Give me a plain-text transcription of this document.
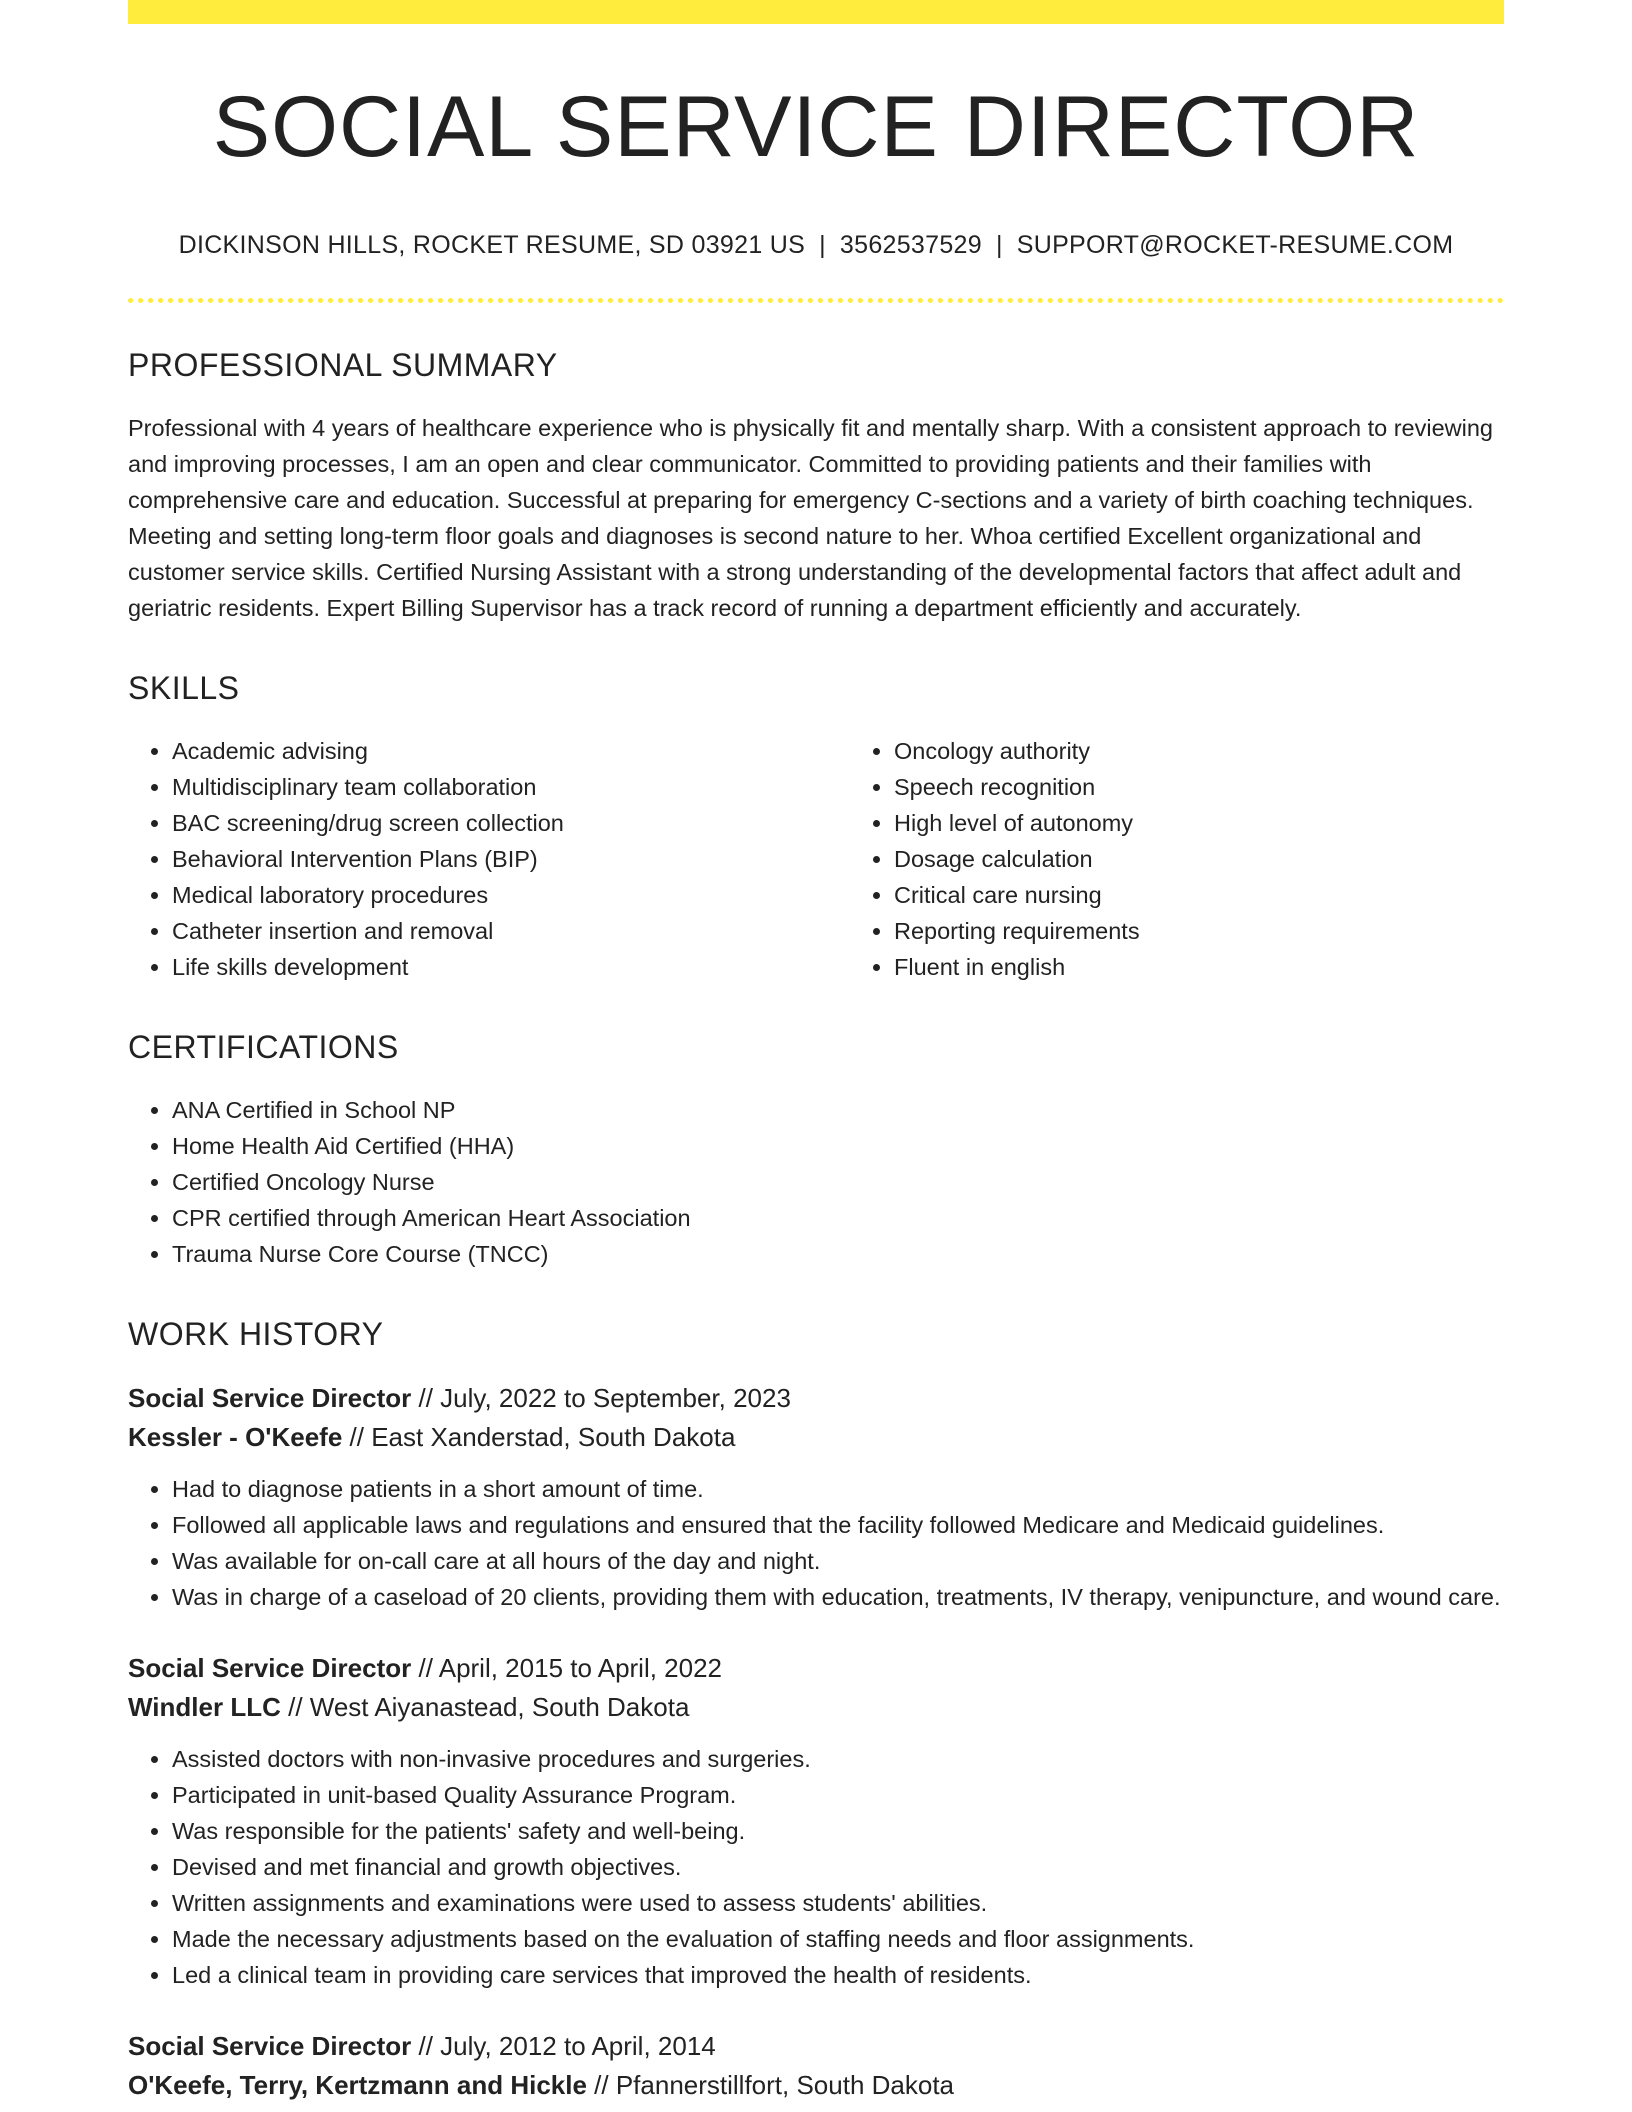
SOCIAL SERVICE DIRECTOR
DICKINSON HILLS, ROCKET RESUME, SD 03921 US | 3562537529 | SUPPORT@ROCKET-RESUME.COM
PROFESSIONAL SUMMARY

Professional with 4 years of healthcare experience who is physically fit and mentally sharp. With a consistent approach to reviewing and improving processes, I am an open and clear communicator. Committed to providing patients and their families with comprehensive care and education. Successful at preparing for emergency C-sections and a variety of birth coaching techniques. Meeting and setting long-term floor goals and diagnoses is second nature to her. Whoa certified Excellent organizational and customer service skills. Certified Nursing Assistant with a strong understanding of the developmental factors that affect adult and geriatric residents. Expert Billing Supervisor has a track record of running a department efficiently and accurately.

SKILLS
• Academic advising
• Multidisciplinary team collaboration
• BAC screening/drug screen collection
• Behavioral Intervention Plans (BIP)
• Medical laboratory procedures
• Catheter insertion and removal
• Life skills development
• Oncology authority
• Speech recognition
• High level of autonomy
• Dosage calculation
• Critical care nursing
• Reporting requirements
• Fluent in english
CERTIFICATIONS
• ANA Certified in School NP
• Home Health Aid Certified (HHA)
• Certified Oncology Nurse
• CPR certified through American Heart Association
• Trauma Nurse Core Course (TNCC)
WORK HISTORY
Social Service Director // July, 2022 to September, 2023
Kessler - O'Keefe // East Xanderstad, South Dakota
• Had to diagnose patients in a short amount of time.
• Followed all applicable laws and regulations and ensured that the facility followed Medicare and Medicaid guidelines.
• Was available for on-call care at all hours of the day and night.
• Was in charge of a caseload of 20 clients, providing them with education, treatments, IV therapy, venipuncture, and wound care.
Social Service Director // April, 2015 to April, 2022
Windler LLC // West Aiyanastead, South Dakota
• Assisted doctors with non-invasive procedures and surgeries.
• Participated in unit-based Quality Assurance Program.
• Was responsible for the patients' safety and well-being.
• Devised and met financial and growth objectives.
• Written assignments and examinations were used to assess students' abilities.
• Made the necessary adjustments based on the evaluation of staffing needs and floor assignments.
• Led a clinical team in providing care services that improved the health of residents.
Social Service Director // July, 2012 to April, 2014
O'Keefe, Terry, Kertzmann and Hickle // Pfannerstillfort, South Dakota
